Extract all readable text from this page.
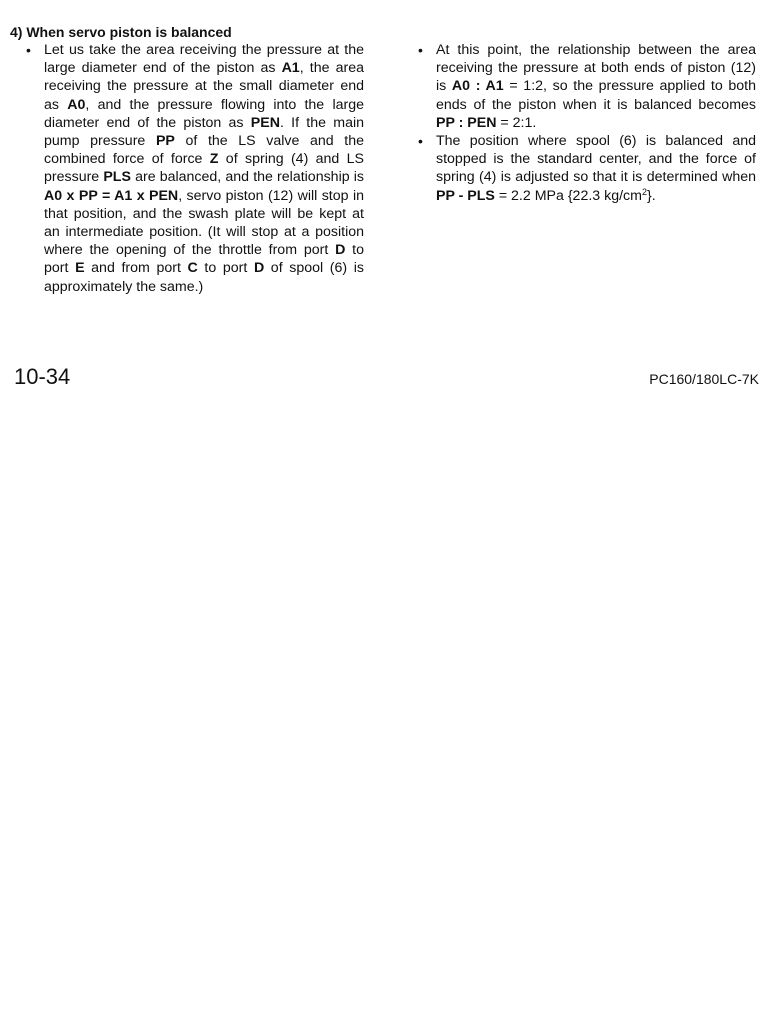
4) When servo piston is balanced
• Let us take the area receiving the pressure at the large diameter end of the piston as A1, the area receiving the pressure at the small diameter end as A0, and the pressure flowing into the large diameter end of the piston as PEN. If the main pump pressure PP of the LS valve and the combined force of force Z of spring (4) and LS pressure PLS are balanced, and the relationship is A0 x PP = A1 x PEN, servo piston (12) will stop in that position, and the swash plate will be kept at an intermediate position. (It will stop at a position where the opening of the throttle from port D to port E and from port C to port D of spool (6) is approximately the same.)

• At this point, the relationship between the area receiving the pressure at both ends of piston (12) is A0 : A1 = 1:2, so the pressure applied to both ends of the piston when it is balanced becomes PP : PEN = 2:1.

• The position where spool (6) is balanced and stopped is the standard center, and the force of spring (4) is adjusted so that it is determined when PP - PLS = 2.2 MPa {22.3 $kg/cm^2$}.

10-34	PC160/180LC-7K
